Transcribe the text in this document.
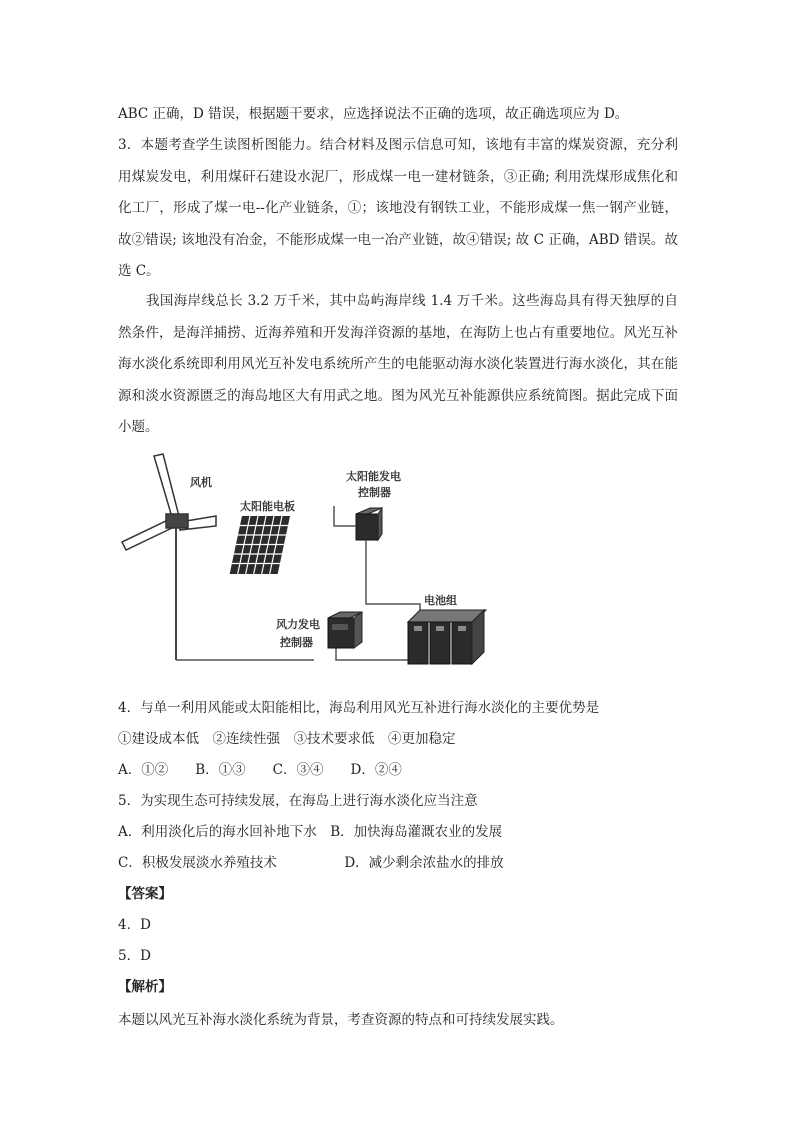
ABC 正确，D 错误，根据题干要求，应选择说法不正确的选项，故正确选项应为 D。
3．本题考查学生读图析图能力。结合材料及图示信息可知，该地有丰富的煤炭资源，充分利用煤炭发电，利用煤矸石建设水泥厂，形成煤一电一建材链条，③正确; 利用洗煤形成焦化和化工厂，形成了煤一电--化产业链条，①；该地没有钢铁工业，不能形成煤一焦一钢产业链，故②错误; 该地没有冶金，不能形成煤一电一冶产业链，故④错误; 故 C 正确，ABD 错误。故选 C。
我国海岸线总长 3.2 万千米，其中岛屿海岸线 1.4 万千米。这些海岛具有得天独厚的自然条件，是海洋捕捞、近海养殖和开发海洋资源的基地，在海防上也占有重要地位。风光互补海水淡化系统即利用风光互补发电系统所产生的电能驱动海水淡化装置进行海水淡化，其在能源和淡水资源匮乏的海岛地区大有用武之地。图为风光互补能源供应系统简图。据此完成下面小题。
风机
太阳能电板
太阳能发电
控制器
风力发电
控制器
电池组
4．与单一利用风能或太阳能相比，海岛利用风光互补进行海水淡化的主要优势是
①建设成本低　②连续性强　③技术要求低　④更加稳定
A．①②　　B．①③　　C．③④　　D．②④
5．为实现生态可持续发展，在海岛上进行海水淡化应当注意
A．利用淡化后的海水回补地下水　B．加快海岛灌溉农业的发展
C．积极发展淡水养殖技术　　　　　D．减少剩余浓盐水的排放
【答案】
4．D
5．D
【解析】
本题以风光互补海水淡化系统为背景，考查资源的特点和可持续发展实践。
